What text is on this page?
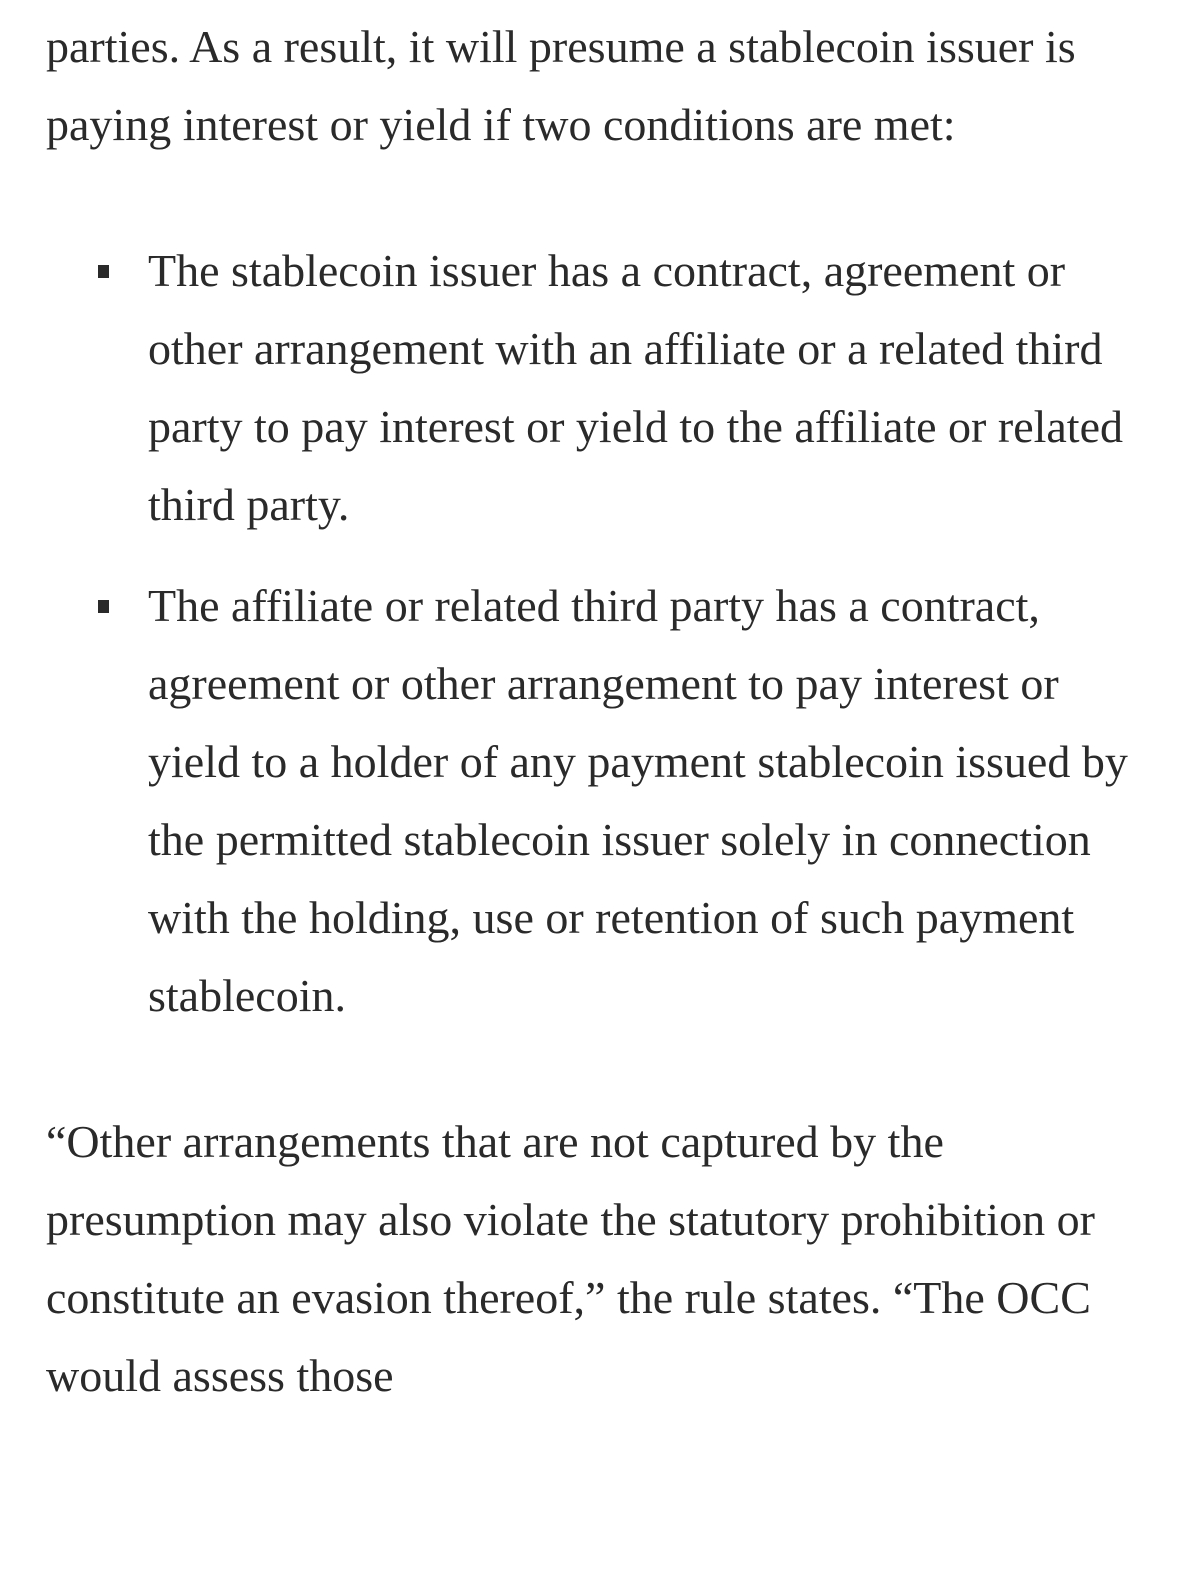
parties. As a result, it will presume a stablecoin issuer is paying interest or yield if two conditions are met:

The stablecoin issuer has a contract, agreement or other arrangement with an affiliate or a related third party to pay interest or yield to the affiliate or related third party.
The affiliate or related third party has a contract, agreement or other arrangement to pay interest or yield to a holder of any payment stablecoin issued by the permitted stablecoin issuer solely in connection with the holding, use or retention of such payment stablecoin.

“Other arrangements that are not captured by the presumption may also violate the statutory prohibition or constitute an evasion thereof,” the rule states. “The OCC would assess those
